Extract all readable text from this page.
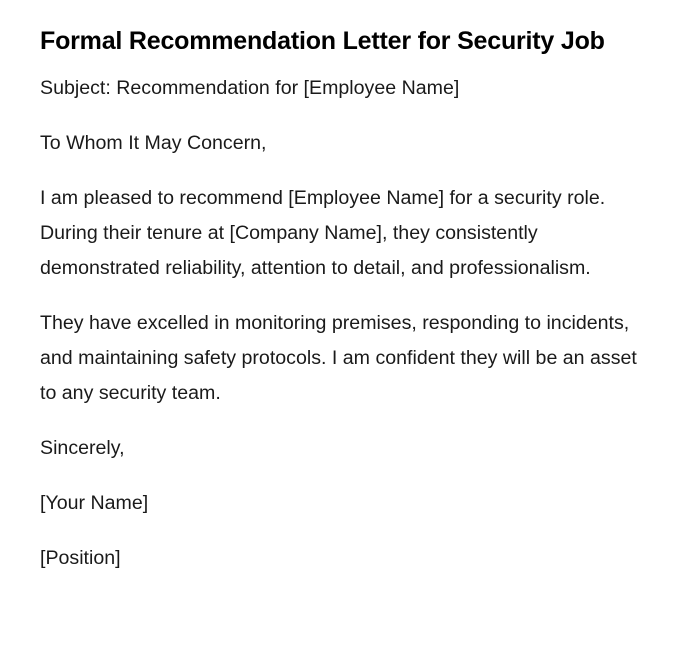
Formal Recommendation Letter for Security Job

Subject: Recommendation for [Employee Name]

To Whom It May Concern,

I am pleased to recommend [Employee Name] for a security role. During their tenure at [Company Name], they consistently demonstrated reliability, attention to detail, and professionalism.

They have excelled in monitoring premises, responding to incidents, and maintaining safety protocols. I am confident they will be an asset to any security team.

Sincerely,

[Your Name]

[Position]
